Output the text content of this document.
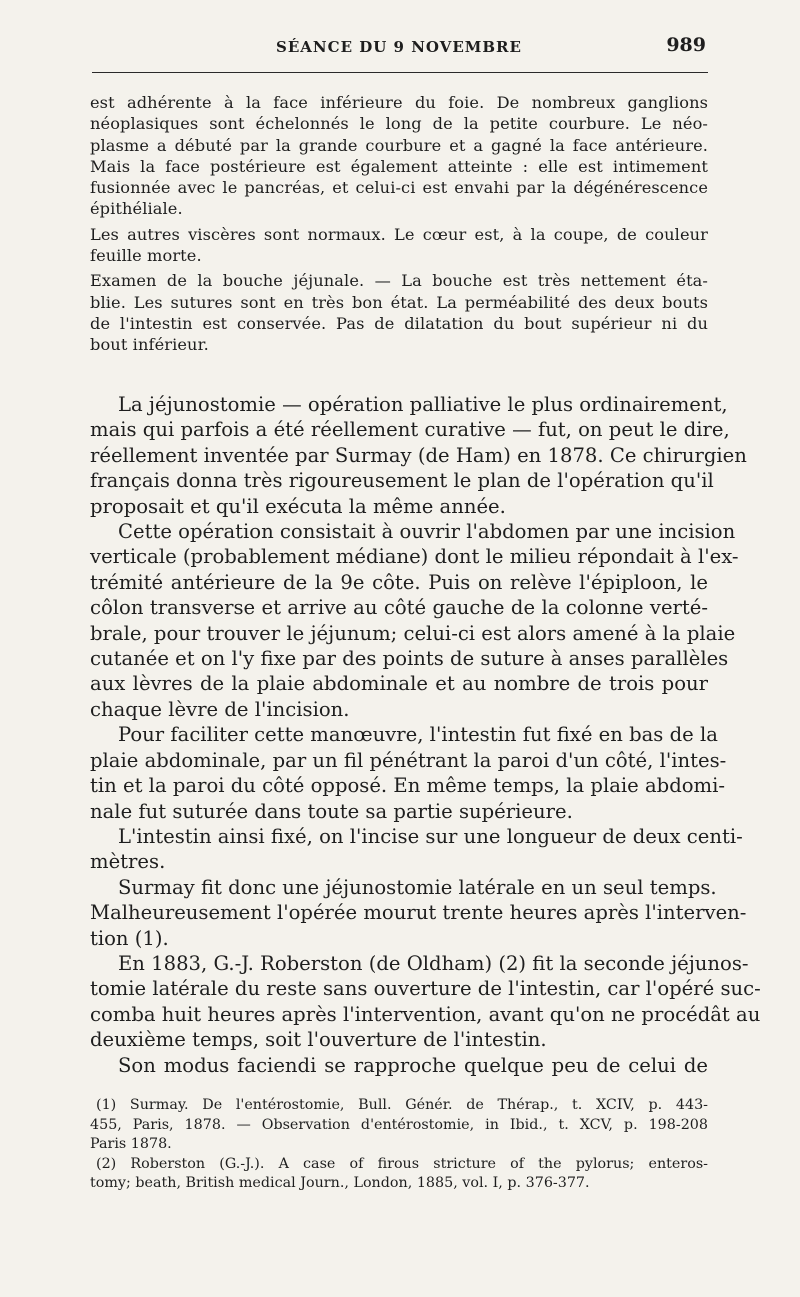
SÉANCE DU 9 NOVEMBRE	989
est adhérente à la face inférieure du foie. De nombreux ganglions
néoplasiques sont échelonnés le long de la petite courbure. Le néo-
plasme a débuté par la grande courbure et a gagné la face antérieure.
Mais la face postérieure est également atteinte : elle est intimement
fusionnée avec le pancréas, et celui-ci est envahi par la dégénérescence
épithéliale.
Les autres viscères sont normaux. Le cœur est, à la coupe, de couleur
feuille morte.
Examen de la bouche jéjunale. — La bouche est très nettement éta-
blie. Les sutures sont en très bon état. La perméabilité des deux bouts
de l'intestin est conservée. Pas de dilatation du bout supérieur ni du
bout inférieur.
La jéjunostomie — opération palliative le plus ordinairement,
mais qui parfois a été réellement curative — fut, on peut le dire,
réellement inventée par Surmay (de Ham) en 1878. Ce chirurgien
français donna très rigoureusement le plan de l'opération qu'il
proposait et qu'il exécuta la même année.
Cette opération consistait à ouvrir l'abdomen par une incision
verticale (probablement médiane) dont le milieu répondait à l'ex-
trémité antérieure de la 9e côte. Puis on relève l'épiploon, le
côlon transverse et arrive au côté gauche de la colonne verté-
brale, pour trouver le jéjunum; celui-ci est alors amené à la plaie
cutanée et on l'y fixe par des points de suture à anses parallèles
aux lèvres de la plaie abdominale et au nombre de trois pour
chaque lèvre de l'incision.
Pour faciliter cette manœuvre, l'intestin fut fixé en bas de la
plaie abdominale, par un fil pénétrant la paroi d'un côté, l'intes-
tin et la paroi du côté opposé. En même temps, la plaie abdomi-
nale fut suturée dans toute sa partie supérieure.
L'intestin ainsi fixé, on l'incise sur une longueur de deux centi-
mètres.
Surmay fit donc une jéjunostomie latérale en un seul temps.
Malheureusement l'opérée mourut trente heures après l'interven-
tion (1).
En 1883, G.-J. Roberston (de Oldham) (2) fit la seconde jéjunos-
tomie latérale du reste sans ouverture de l'intestin, car l'opéré suc-
comba huit heures après l'intervention, avant qu'on ne procédât au
deuxième temps, soit l'ouverture de l'intestin.
Son modus faciendi se rapproche quelque peu de celui de
(1) Surmay. De l'entérostomie, Bull. Génér. de Thérap., t. XCIV, p. 443-
455, Paris, 1878. — Observation d'entérostomie, in Ibid., t. XCV, p. 198-208
Paris 1878.
(2) Roberston (G.-J.). A case of firous stricture of the pylorus; enteros-
tomy; beath, British medical Journ., London, 1885, vol. I, p. 376-377.
